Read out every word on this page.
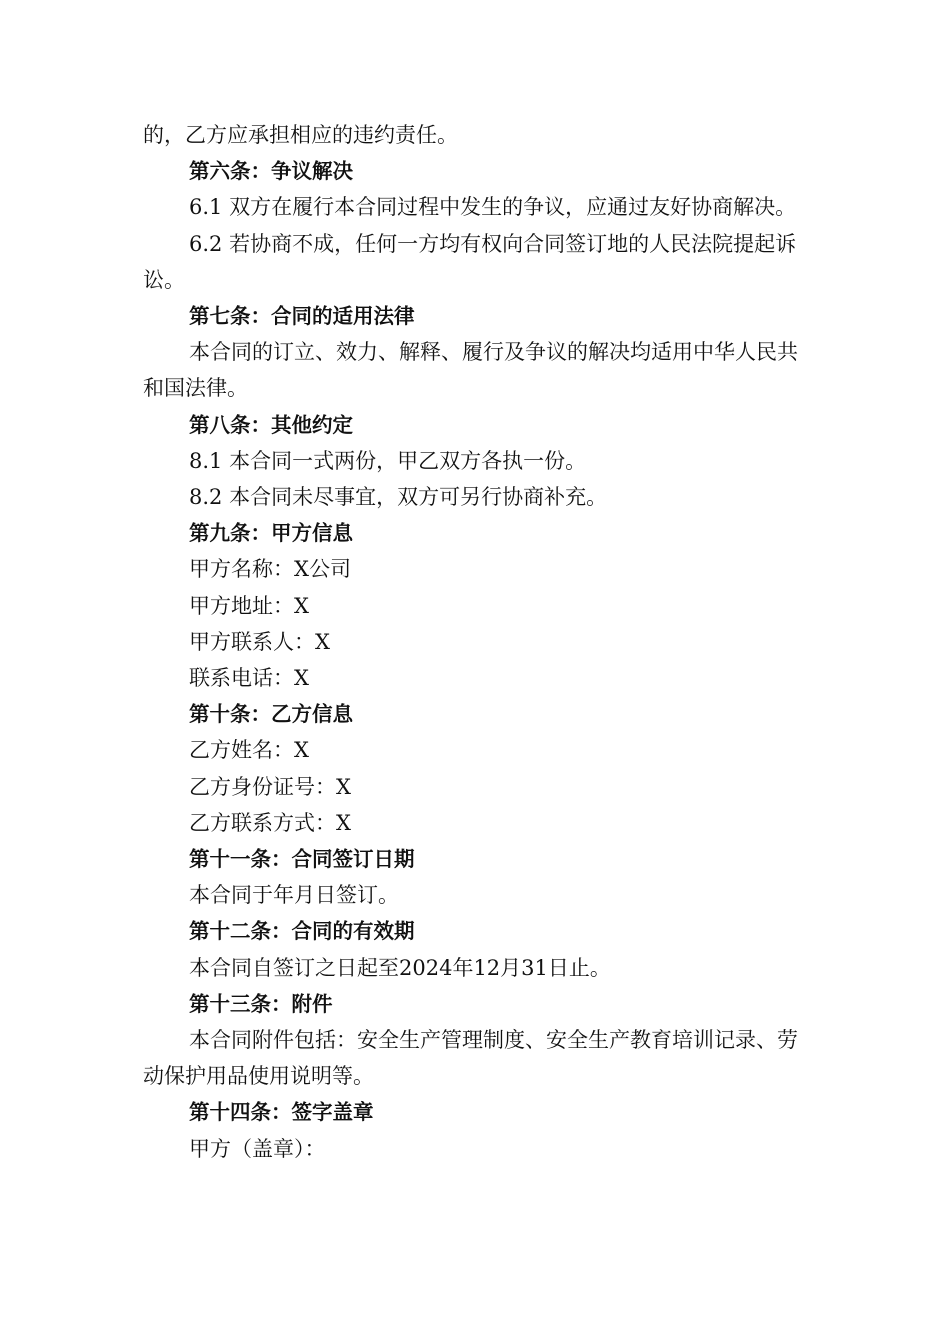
的，乙方应承担相应的违约责任。

第六条：争议解决

6.1 双方在履行本合同过程中发生的争议，应通过友好协商解决。

6.2 若协商不成，任何一方均有权向合同签订地的人民法院提起诉讼。

第七条：合同的适用法律

本合同的订立、效力、解释、履行及争议的解决均适用中华人民共和国法律。

第八条：其他约定

8.1 本合同一式两份，甲乙双方各执一份。

8.2 本合同未尽事宜，双方可另行协商补充。

第九条：甲方信息

甲方名称：X公司

甲方地址：X

甲方联系人：X

联系电话：X

第十条：乙方信息

乙方姓名：X

乙方身份证号：X

乙方联系方式：X

第十一条：合同签订日期

本合同于年月日签订。

第十二条：合同的有效期

本合同自签订之日起至2024年12月31日止。

第十三条：附件

本合同附件包括：安全生产管理制度、安全生产教育培训记录、劳动保护用品使用说明等。

第十四条：签字盖章

甲方（盖章）：
